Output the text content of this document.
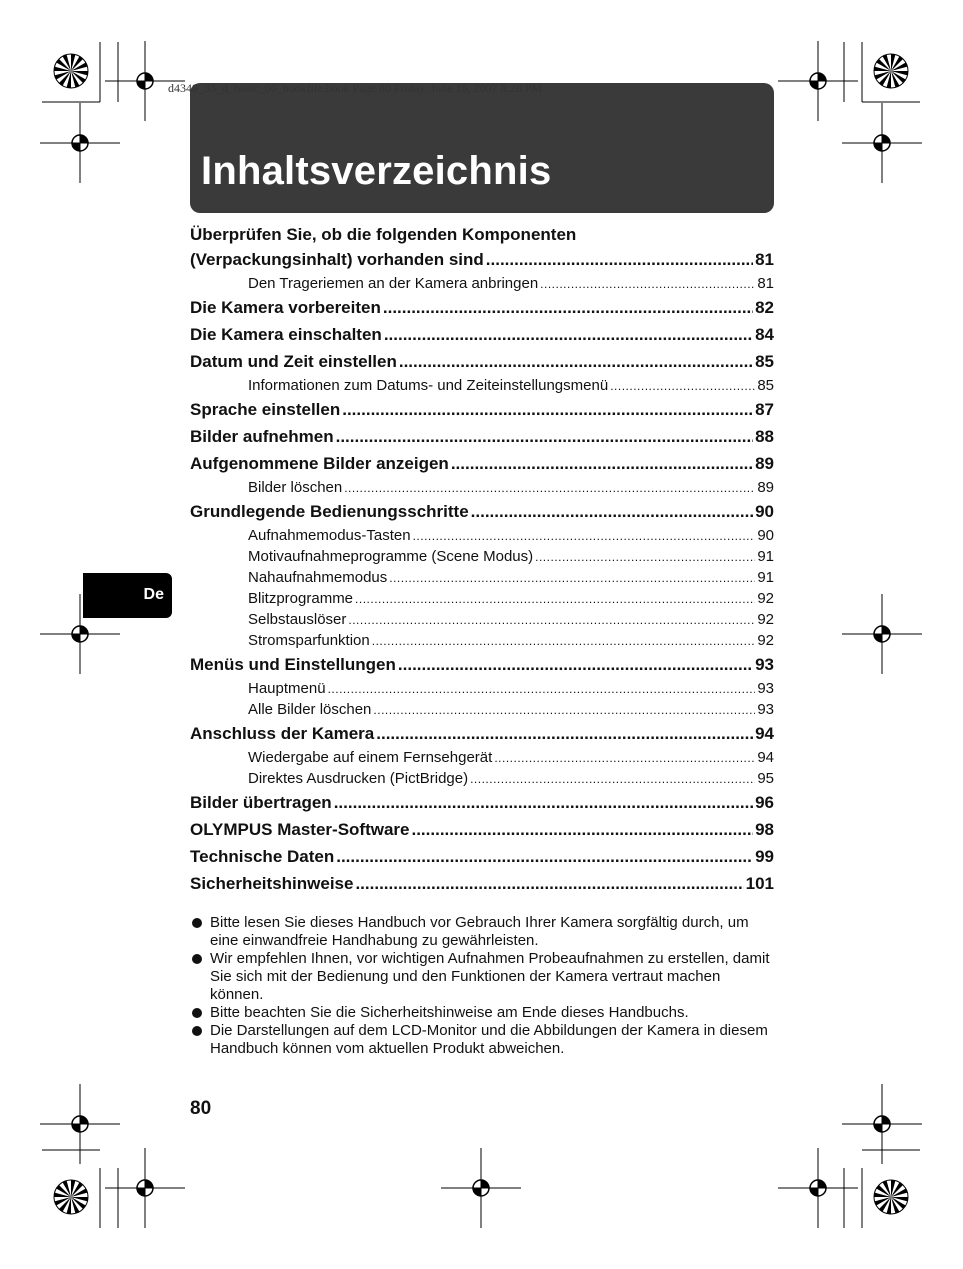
Inhaltsverzeichnis
d4348_33_d_basic_00_bookfile.book Page 80 Friday, June 15, 2007 8:28 PM
De
Überprüfen Sie, ob die folgenden Komponenten
(Verpackungsinhalt) vorhanden sind .....	81
Den Trageriemen an der Kamera anbringen .....	81
Die Kamera vorbereiten .....	82
Die Kamera einschalten .....	84
Datum und Zeit einstellen .....	85
Informationen zum Datums- und Zeiteinstellungsmenü .....	85
Sprache einstellen .....	87
Bilder aufnehmen .....	88
Aufgenommene Bilder anzeigen .....	89
Bilder löschen .....	89
Grundlegende Bedienungsschritte .....	90
Aufnahmemodus-Tasten .....	90
Motivaufnahmeprogramme (Scene Modus) .....	91
Nahaufnahmemodus .....	91
Blitzprogramme .....	92
Selbstauslöser .....	92
Stromsparfunktion .....	92
Menüs und Einstellungen .....	93
Hauptmenü .....	93
Alle Bilder löschen .....	93
Anschluss der Kamera .....	94
Wiedergabe auf einem Fernsehgerät .....	94
Direktes Ausdrucken (PictBridge) .....	95
Bilder übertragen .....	96
OLYMPUS Master-Software .....	98
Technische Daten .....	99
Sicherheitshinweise .....	101
Bitte lesen Sie dieses Handbuch vor Gebrauch Ihrer Kamera sorgfältig durch, um eine einwandfreie Handhabung zu gewährleisten.
Wir empfehlen Ihnen, vor wichtigen Aufnahmen Probeaufnahmen zu erstellen, damit Sie sich mit der Bedienung und den Funktionen der Kamera vertraut machen können.
Bitte beachten Sie die Sicherheitshinweise am Ende dieses Handbuchs.
Die Darstellungen auf dem LCD-Monitor und die Abbildungen der Kamera in diesem Handbuch können vom aktuellen Produkt abweichen.
80
